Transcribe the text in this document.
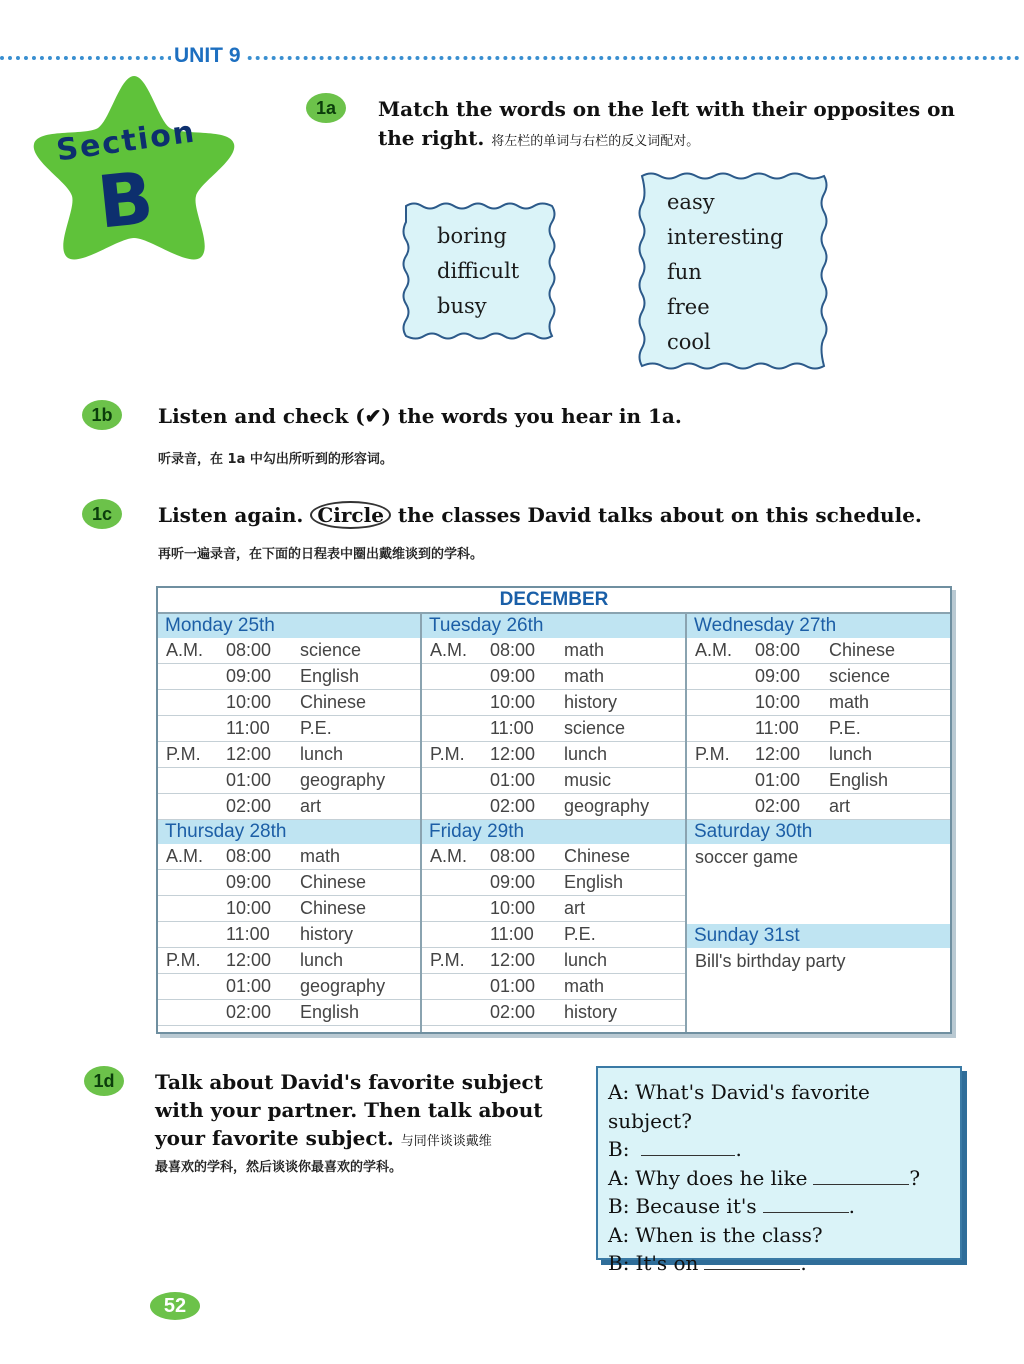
UNIT 9
Section
B
1a	Match the words on the left with their opposites on
the right. 将左栏的单词与右栏的反义词配对。
boring
difficult
busy
easy
interesting
fun
free
cool
1b	Listen and check (✔) the words you hear in 1a.
听录音，在 1a 中勾出所听到的形容词。
1c	Listen again. Circle the classes David talks about on this schedule.
再听一遍录音，在下面的日程表中圈出戴维谈到的学科。
DECEMBER
Monday 25th
A.M.	08:00	science
09:00	English
10:00	Chinese
11:00	P.E.
P.M.	12:00	lunch
01:00	geography
02:00	art
Tuesday 26th
A.M.	08:00	math
09:00	math
10:00	history
11:00	science
P.M.	12:00	lunch
01:00	music
02:00	geography
Wednesday 27th
A.M.	08:00	Chinese
09:00	science
10:00	math
11:00	P.E.
P.M.	12:00	lunch
01:00	English
02:00	art
Thursday 28th
A.M.	08:00	math
09:00	Chinese
10:00	Chinese
11:00	history
P.M.	12:00	lunch
01:00	geography
02:00	English
Friday 29th
A.M.	08:00	Chinese
09:00	English
10:00	art
11:00	P.E.
P.M.	12:00	lunch
01:00	math
02:00	history
Saturday 30th
soccer game
Sunday 31st
Bill's birthday party
1d	Talk about David's favorite subject
with your partner. Then talk about
your favorite subject. 与同伴谈谈戴维
最喜欢的学科，然后谈谈你最喜欢的学科。
A: What's David's favorite subject?
B:	.
A: Why does he like	?
B: Because it's	.
A: When is the class?
B: It's on	.
52
